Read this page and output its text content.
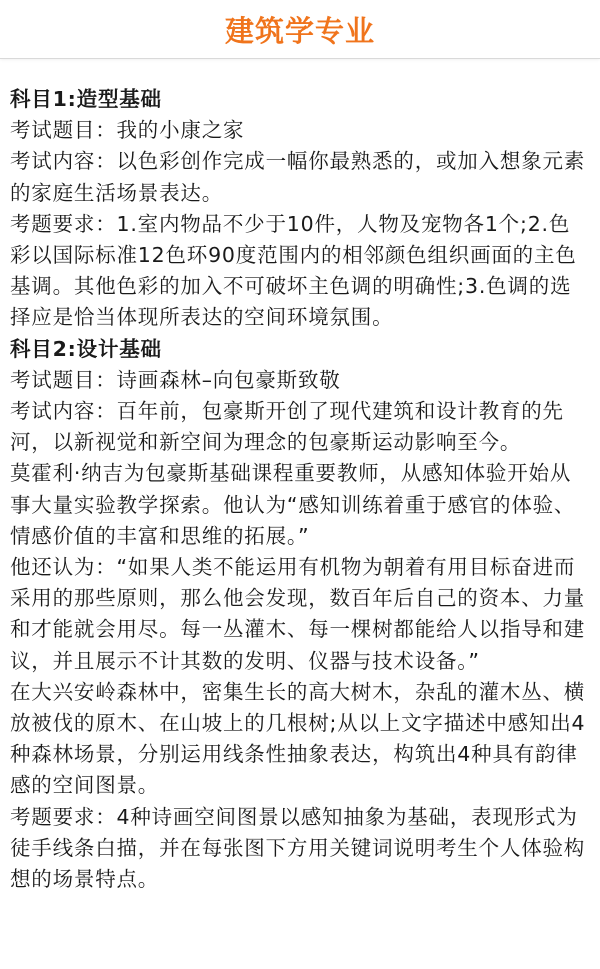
建筑学专业

科目1:造型基础

考试题目：我的小康之家

考试内容：以色彩创作完成一幅你最熟悉的，或加入想象元素的家庭生活场景表达。

考题要求：1.室内物品不少于10件，人物及宠物各1个;2.色彩以国际标准12色环90度范围内的相邻颜色组织画面的主色基调。其他色彩的加入不可破坏主色调的明确性;3.色调的选择应是恰当体现所表达的空间环境氛围。

科目2:设计基础

考试题目：诗画森林–向包豪斯致敬

考试内容：百年前，包豪斯开创了现代建筑和设计教育的先河，以新视觉和新空间为理念的包豪斯运动影响至今。

莫霍利·纳吉为包豪斯基础课程重要教师，从感知体验开始从事大量实验教学探索。他认为“感知训练着重于感官的体验、情感价值的丰富和思维的拓展。”

他还认为：“如果人类不能运用有机物为朝着有用目标奋进而采用的那些原则，那么他会发现，数百年后自己的资本、力量和才能就会用尽。每一丛灌木、每一棵树都能给人以指导和建议，并且展示不计其数的发明、仪器与技术设备。”

在大兴安岭森林中，密集生长的高大树木，杂乱的灌木丛、横放被伐的原木、在山坡上的几根树;从以上文字描述中感知出4种森林场景，分别运用线条性抽象表达，构筑出4种具有韵律感的空间图景。

考题要求：4种诗画空间图景以感知抽象为基础，表现形式为徒手线条白描，并在每张图下方用关键词说明考生个人体验构想的场景特点。
